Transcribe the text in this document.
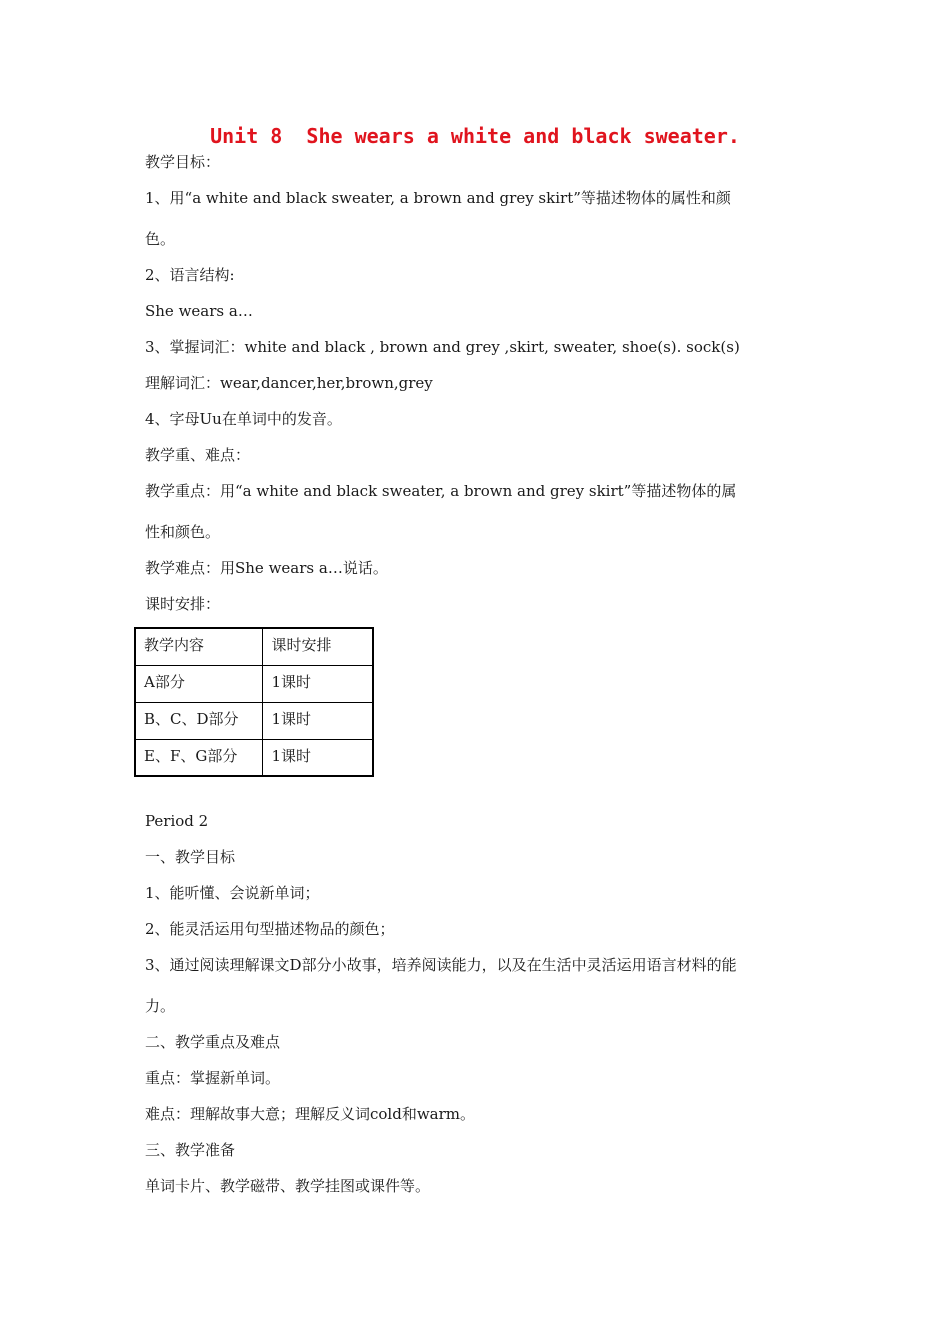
Unit 8  She wears a white and black sweater.
教学目标：
1、用“a white and black sweater, a brown and grey skirt”等描述物体的属性和颜
色。
2、语言结构:
She wears a…
3、掌握词汇：white and black , brown and grey ,skirt, sweater, shoe(s). sock(s)
理解词汇：wear,dancer,her,brown,grey
4、字母Uu在单词中的发音。
教学重、难点：
教学重点：用“a white and black sweater, a brown and grey skirt”等描述物体的属
性和颜色。
教学难点：用She wears a…说话。
课时安排：
教学内容	课时安排
A部分	1课时
B、C、D部分	1课时
E、F、G部分	1课时
Period 2
一、教学目标
1、能听懂、会说新单词；
2、能灵活运用句型描述物品的颜色；
3、通过阅读理解课文D部分小故事，培养阅读能力，以及在生活中灵活运用语言材料的能
力。
二、教学重点及难点
重点：掌握新单词。
难点：理解故事大意；理解反义词cold和warm。
三、教学准备
单词卡片、教学磁带、教学挂图或课件等。
